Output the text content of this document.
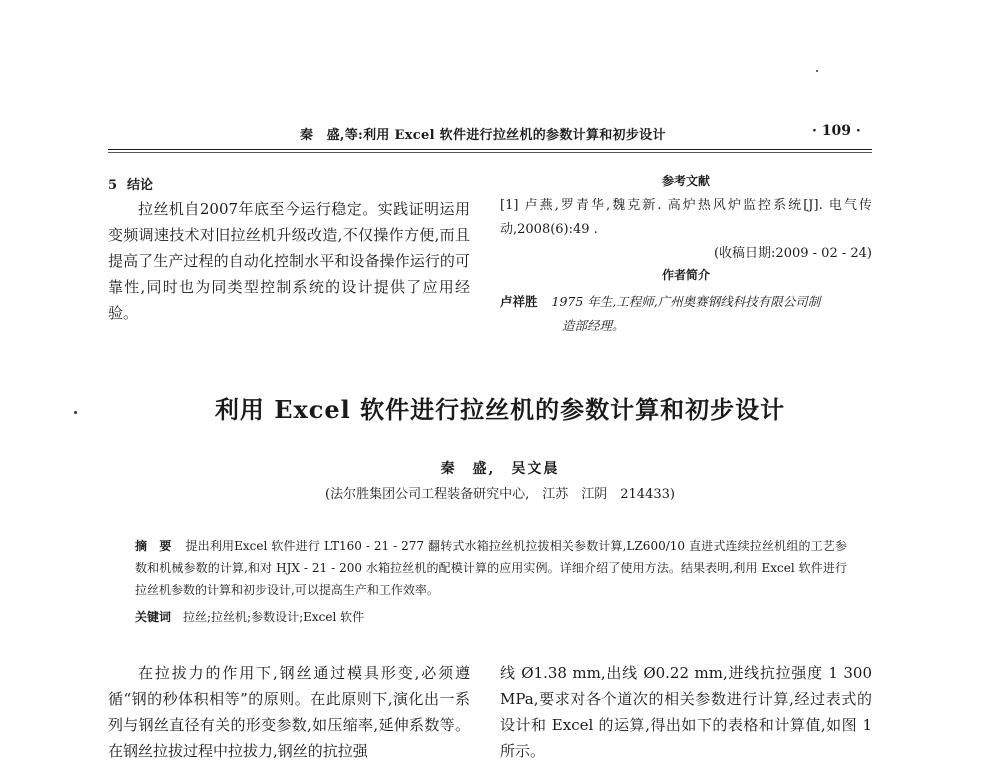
秦　盛,等:利用 Excel 软件进行拉丝机的参数计算和初步设计	· 109 ·
5 结论

拉丝机自2007年底至今运行稳定。实践证明运用变频调速技术对旧拉丝机升级改造,不仅操作方便,而且提高了生产过程的自动化控制水平和设备操作运行的可靠性,同时也为同类型控制系统的设计提供了应用经验。

参考文献
[1] 卢燕,罗青华,魏克新. 高炉热风炉监控系统[J]. 电气传动,2008(6):49 .
(收稿日期:2009 - 02 - 24)
作者简介
卢祥胜 1975 年生,工程师,广州奥赛钢线科技有限公司制
造部经理。
利用 Excel 软件进行拉丝机的参数计算和初步设计
秦　盛,　吴文晨
(法尔胜集团公司工程装备研究中心,　江苏　江阴　214433)
摘　要 提出利用Excel 软件进行 LT160 - 21 - 277 翻转式水箱拉丝机拉拔相关参数计算,LZ600/10 直进式连续拉丝机组的工艺参数和机械参数的计算,和对 HJX - 21 - 200 水箱拉丝机的配模计算的应用实例。详细介绍了使用方法。结果表明,利用 Excel 软件进行拉丝机参数的计算和初步设计,可以提高生产和工作效率。
关键词 拉丝;拉丝机;参数设计;Excel 软件

在拉拔力的作用下,钢丝通过模具形变,必须遵循“钢的秒体积相等”的原则。在此原则下,演化出一系列与钢丝直径有关的形变参数,如压缩率,延伸系数等。在钢丝拉拔过程中拉拔力,钢丝的抗拉强

线 Ø1.38 mm,出线 Ø0.22 mm,进线抗拉强度 1 300 MPa,要求对各个道次的相关参数进行计算,经过表式的设计和 Excel 的运算,得出如下的表格和计算值,如图 1 所示。
